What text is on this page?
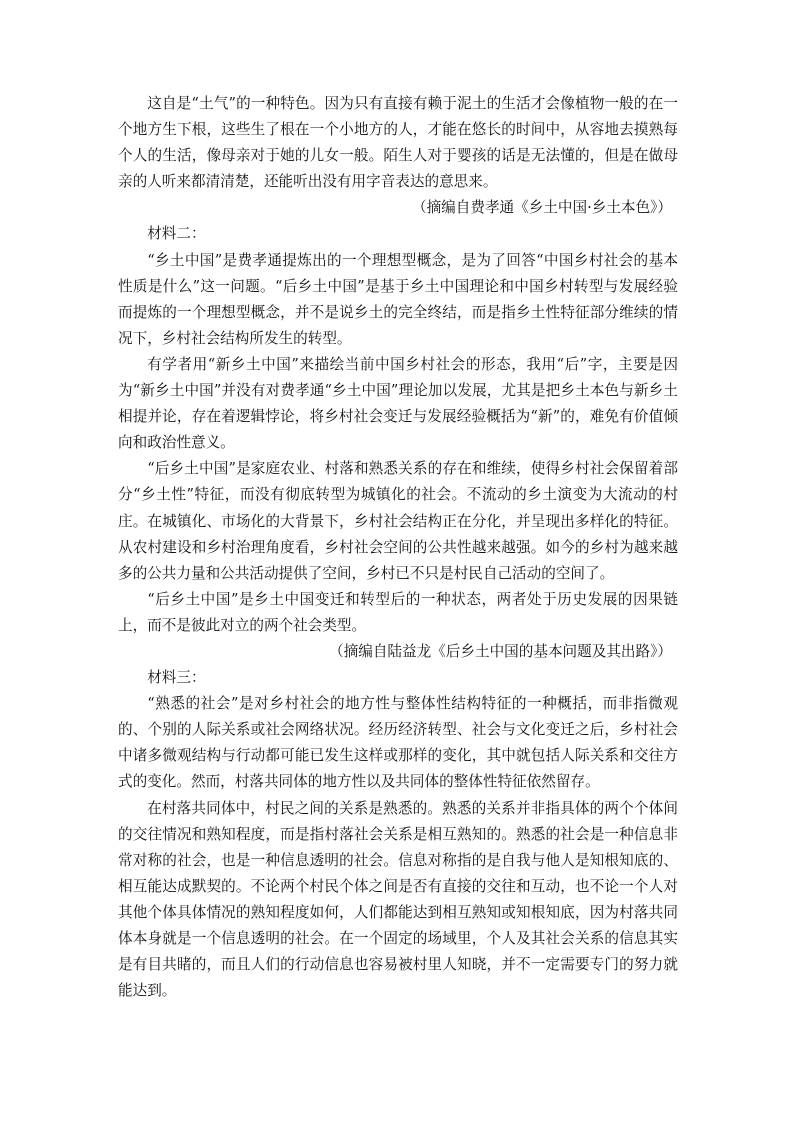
这自是“土气”的一种特色。因为只有直接有赖于泥土的生活才会像植物一般的在一个地方生下根，这些生了根在一个小地方的人，才能在悠长的时间中，从容地去摸熟每个人的生活，像母亲对于她的儿女一般。陌生人对于婴孩的话是无法懂的，但是在做母亲的人听来都清清楚，还能听出没有用字音表达的意思来。

（摘编自费孝通《乡土中国·乡土本色》）

材料二：

“乡土中国”是费孝通提炼出的一个理想型概念，是为了回答“中国乡村社会的基本性质是什么”这一问题。“后乡土中国”是基于乡土中国理论和中国乡村转型与发展经验而提炼的一个理想型概念，并不是说乡土的完全终结，而是指乡土性特征部分维续的情况下，乡村社会结构所发生的转型。

有学者用“新乡土中国”来描绘当前中国乡村社会的形态，我用“后”字，主要是因为“新乡土中国”并没有对费孝通“乡土中国”理论加以发展，尤其是把乡土本色与新乡土相提并论，存在着逻辑悖论，将乡村社会变迁与发展经验概括为“新”的，难免有价值倾向和政治性意义。

“后乡土中国”是家庭农业、村落和熟悉关系的存在和维续，使得乡村社会保留着部分“乡土性”特征，而没有彻底转型为城镇化的社会。不流动的乡土演变为大流动的村庄。在城镇化、市场化的大背景下，乡村社会结构正在分化，并呈现出多样化的特征。从农村建设和乡村治理角度看，乡村社会空间的公共性越来越强。如今的乡村为越来越多的公共力量和公共活动提供了空间，乡村已不只是村民自己活动的空间了。

“后乡土中国”是乡土中国变迁和转型后的一种状态，两者处于历史发展的因果链上，而不是彼此对立的两个社会类型。

（摘编自陆益龙《后乡土中国的基本问题及其出路》）

材料三：

“熟悉的社会”是对乡村社会的地方性与整体性结构特征的一种概括，而非指微观的、个别的人际关系或社会网络状况。经历经济转型、社会与文化变迁之后，乡村社会中诸多微观结构与行动都可能已发生这样或那样的变化，其中就包括人际关系和交往方式的变化。然而，村落共同体的地方性以及共同体的整体性特征依然留存。

在村落共同体中，村民之间的关系是熟悉的。熟悉的关系并非指具体的两个个体间的交往情况和熟知程度，而是指村落社会关系是相互熟知的。熟悉的社会是一种信息非常对称的社会，也是一种信息透明的社会。信息对称指的是自我与他人是知根知底的、相互能达成默契的。不论两个村民个体之间是否有直接的交往和互动，也不论一个人对其他个体具体情况的熟知程度如何，人们都能达到相互熟知或知根知底，因为村落共同体本身就是一个信息透明的社会。在一个固定的场域里，个人及其社会关系的信息其实是有目共睹的，而且人们的行动信息也容易被村里人知晓，并不一定需要专门的努力就能达到。
